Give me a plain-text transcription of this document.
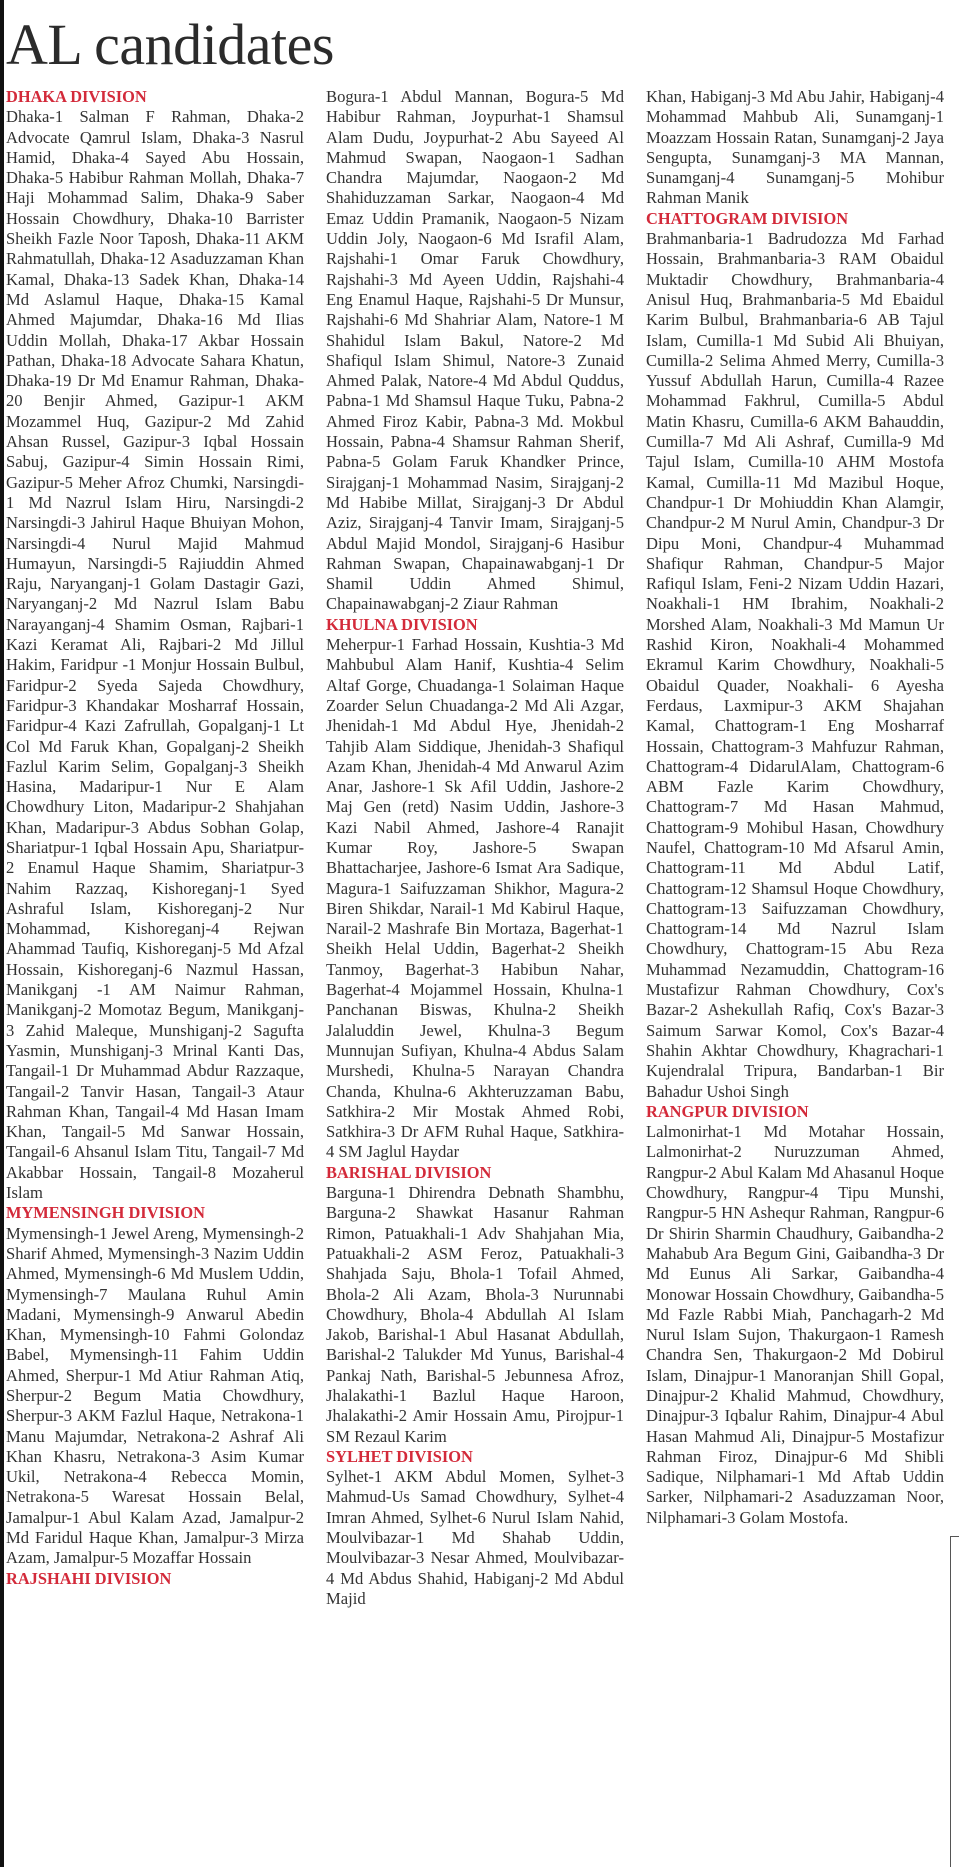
AL candidates
DHAKA DIVISION

Dhaka-1 Salman F Rahman, Dhaka-2 Advocate Qamrul Islam, Dhaka-3 Nasrul Hamid, Dhaka-4 Sayed Abu Hossain, Dhaka-5 Habibur Rahman Mollah, Dhaka-7 Haji Mohammad Salim, Dhaka-9 Saber Hossain Chowdhury, Dhaka-10 Barrister Sheikh Fazle Noor Taposh, Dhaka-11 AKM Rahmatullah, Dhaka-12 Asaduzzaman Khan Kamal, Dhaka-13 Sadek Khan, Dhaka-14 Md Aslamul Haque, Dhaka-15 Kamal Ahmed Majumdar, Dhaka-16 Md Ilias Uddin Mollah, Dhaka-17 Akbar Hossain Pathan, Dhaka-18 Advocate Sahara Khatun, Dhaka-19 Dr Md Enamur Rahman, Dhaka-20 Benjir Ahmed, Gazipur-1 AKM Mozammel Huq, Gazipur-2 Md Zahid Ahsan Russel, Gazipur-3 Iqbal Hossain Sabuj, Gazipur-4 Simin Hossain Rimi, Gazipur-5 Meher Afroz Chumki, Narsingdi-1 Md Nazrul Islam Hiru, Narsingdi-2 Narsingdi-3 Jahirul Haque Bhuiyan Mohon, Narsingdi-4 Nurul Majid Mahmud Humayun, Narsingdi-5 Rajiuddin Ahmed Raju, Naryanganj-1 Golam Dastagir Gazi, Naryanganj-2 Md Nazrul Islam Babu Narayanganj-4 Shamim Osman, Rajbari-1 Kazi Keramat Ali, Rajbari-2 Md Jillul Hakim, Faridpur -1 Monjur Hossain Bulbul, Faridpur-2 Syeda Sajeda Chowdhury, Faridpur-3 Khandakar Mosharraf Hossain, Faridpur-4 Kazi Zafrullah, Gopalganj-1 Lt Col Md Faruk Khan, Gopalganj-2 Sheikh Fazlul Karim Selim, Gopalganj-3 Sheikh Hasina, Madaripur-1 Nur E Alam Chowdhury Liton, Madaripur-2 Shahjahan Khan, Madaripur-3 Abdus Sobhan Golap, Shariatpur-1 Iqbal Hossain Apu, Shariatpur-2 Enamul Haque Shamim, Shariatpur-3 Nahim Razzaq, Kishoreganj-1 Syed Ashraful Islam, Kishoreganj-2 Nur Mohammad, Kishoreganj-4 Rejwan Ahammad Taufiq, Kishoreganj-5 Md Afzal Hossain, Kishoreganj-6 Nazmul Hassan, Manikganj -1 AM Naimur Rahman, Manikganj-2 Momotaz Begum, Manikganj-3 Zahid Maleque, Munshiganj-2 Sagufta Yasmin, Munshiganj-3 Mrinal Kanti Das, Tangail-1 Dr Muhammad Abdur Razzaque, Tangail-2 Tanvir Hasan, Tangail-3 Ataur Rahman Khan, Tangail-4 Md Hasan Imam Khan, Tangail-5 Md Sanwar Hossain, Tangail-6 Ahsanul Islam Titu, Tangail-7 Md Akabbar Hossain, Tangail-8 Mozaherul Islam

MYMENSINGH DIVISION

Mymensingh-1 Jewel Areng, Mymensingh-2 Sharif Ahmed, Mymensingh-3 Nazim Uddin Ahmed, Mymensingh-6 Md Muslem Uddin, Mymensingh-7 Maulana Ruhul Amin Madani, Mymensingh-9 Anwarul Abedin Khan, Mymensingh-10 Fahmi Golondaz Babel, Mymensingh-11 Fahim Uddin Ahmed, Sherpur-1 Md Atiur Rahman Atiq, Sherpur-2 Begum Matia Chowdhury, Sherpur-3 AKM Fazlul Haque, Netrakona-1 Manu Majumdar, Netrakona-2 Ashraf Ali Khan Khasru, Netrakona-3 Asim Kumar Ukil, Netrakona-4 Rebecca Momin, Netrakona-5 Waresat Hossain Belal, Jamalpur-1 Abul Kalam Azad, Jamalpur-2 Md Faridul Haque Khan, Jamalpur-3 Mirza Azam, Jamalpur-5 Mozaffar Hossain

RAJSHAHI DIVISION

Bogura-1 Abdul Mannan, Bogura-5 Md Habibur Rahman, Joypurhat-1 Shamsul Alam Dudu, Joypurhat-2 Abu Sayeed Al Mahmud Swapan, Naogaon-1 Sadhan Chandra Majumdar, Naogaon-2 Md Shahiduzzaman Sarkar, Naogaon-4 Md Emaz Uddin Pramanik, Naogaon-5 Nizam Uddin Joly, Naogaon-6 Md Israfil Alam, Rajshahi-1 Omar Faruk Chowdhury, Rajshahi-3 Md Ayeen Uddin, Rajshahi-4 Eng Enamul Haque, Rajshahi-5 Dr Munsur, Rajshahi-6 Md Shahriar Alam, Natore-1 M Shahidul Islam Bakul, Natore-2 Md Shafiqul Islam Shimul, Natore-3 Zunaid Ahmed Palak, Natore-4 Md Abdul Quddus, Pabna-1 Md Shamsul Haque Tuku, Pabna-2 Ahmed Firoz Kabir, Pabna-3 Md. Mokbul Hossain, Pabna-4 Shamsur Rahman Sherif, Pabna-5 Golam Faruk Khandker Prince, Sirajganj-1 Mohammad Nasim, Sirajganj-2 Md Habibe Millat, Sirajganj-3 Dr Abdul Aziz, Sirajganj-4 Tanvir Imam, Sirajganj-5 Abdul Majid Mondol, Sirajganj-6 Hasibur Rahman Swapan, Chapainawabganj-1 Dr Shamil Uddin Ahmed Shimul, Chapainawabganj-2 Ziaur Rahman

KHULNA DIVISION

Meherpur-1 Farhad Hossain, Kushtia-3 Md Mahbubul Alam Hanif, Kushtia-4 Selim Altaf Gorge, Chuadanga-1 Solaiman Haque Zoarder Selun Chuadanga-2 Md Ali Azgar, Jhenidah-1 Md Abdul Hye, Jhenidah-2 Tahjib Alam Siddique, Jhenidah-3 Shafiqul Azam Khan, Jhenidah-4 Md Anwarul Azim Anar, Jashore-1 Sk Afil Uddin, Jashore-2 Maj Gen (retd) Nasim Uddin, Jashore-3 Kazi Nabil Ahmed, Jashore-4 Ranajit Kumar Roy, Jashore-5 Swapan Bhattacharjee, Jashore-6 Ismat Ara Sadique, Magura-1 Saifuzzaman Shikhor, Magura-2 Biren Shikdar, Narail-1 Md Kabirul Haque, Narail-2 Mashrafe Bin Mortaza, Bagerhat-1 Sheikh Helal Uddin, Bagerhat-2 Sheikh Tanmoy, Bagerhat-3 Habibun Nahar, Bagerhat-4 Mojammel Hossain, Khulna-1 Panchanan Biswas, Khulna-2 Sheikh Jalaluddin Jewel, Khulna-3 Begum Munnujan Sufiyan, Khulna-4 Abdus Salam Murshedi, Khulna-5 Narayan Chandra Chanda, Khulna-6 Akhteruzzaman Babu, Satkhira-2 Mir Mostak Ahmed Robi, Satkhira-3 Dr AFM Ruhal Haque, Satkhira-4 SM Jaglul Haydar

BARISHAL DIVISION

Barguna-1 Dhirendra Debnath Shambhu, Barguna-2 Shawkat Hasanur Rahman Rimon, Patuakhali-1 Adv Shahjahan Mia, Patuakhali-2 ASM Feroz, Patuakhali-3 Shahjada Saju, Bhola-1 Tofail Ahmed, Bhola-2 Ali Azam, Bhola-3 Nurunnabi Chowdhury, Bhola-4 Abdullah Al Islam Jakob, Barishal-1 Abul Hasanat Abdullah, Barishal-2 Talukder Md Yunus, Barishal-4 Pankaj Nath, Barishal-5 Jebunnesa Afroz, Jhalakathi-1 Bazlul Haque Haroon, Jhalakathi-2 Amir Hossain Amu, Pirojpur-1 SM Rezaul Karim

SYLHET DIVISION

Sylhet-1 AKM Abdul Momen, Sylhet-3 Mahmud-Us Samad Chowdhury, Sylhet-4 Imran Ahmed, Sylhet-6 Nurul Islam Nahid, Moulvibazar-1 Md Shahab Uddin, Moulvibazar-3 Nesar Ahmed, Moulvibazar-4 Md Abdus Shahid, Habiganj-2 Md Abdul Majid

Khan, Habiganj-3 Md Abu Jahir, Habiganj-4 Mohammad Mahbub Ali, Sunamganj-1 Moazzam Hossain Ratan, Sunamganj-2 Jaya Sengupta, Sunamganj-3 MA Mannan, Sunamganj-4 Sunamganj-5 Mohibur Rahman Manik

CHATTOGRAM DIVISION

Brahmanbaria-1 Badrudozza Md Farhad Hossain, Brahmanbaria-3 RAM Obaidul Muktadir Chowdhury, Brahmanbaria-4 Anisul Huq, Brahmanbaria-5 Md Ebaidul Karim Bulbul, Brahmanbaria-6 AB Tajul Islam, Cumilla-1 Md Subid Ali Bhuiyan, Cumilla-2 Selima Ahmed Merry, Cumilla-3 Yussuf Abdullah Harun, Cumilla-4 Razee Mohammad Fakhrul, Cumilla-5 Abdul Matin Khasru, Cumilla-6 AKM Bahauddin, Cumilla-7 Md Ali Ashraf, Cumilla-9 Md Tajul Islam, Cumilla-10 AHM Mostofa Kamal, Cumilla-11 Md Mazibul Hoque, Chandpur-1 Dr Mohiuddin Khan Alamgir, Chandpur-2 M Nurul Amin, Chandpur-3 Dr Dipu Moni, Chandpur-4 Muhammad Shafiqur Rahman, Chandpur-5 Major Rafiqul Islam, Feni-2 Nizam Uddin Hazari, Noakhali-1 HM Ibrahim, Noakhali-2 Morshed Alam, Noakhali-3 Md Mamun Ur Rashid Kiron, Noakhali-4 Mohammed Ekramul Karim Chowdhury, Noakhali-5 Obaidul Quader, Noakhali- 6 Ayesha Ferdaus, Laxmipur-3 AKM Shajahan Kamal, Chattogram-1 Eng Mosharraf Hossain, Chattogram-3 Mahfuzur Rahman, Chattogram-4 DidarulAlam, Chattogram-6 ABM Fazle Karim Chowdhury, Chattogram-7 Md Hasan Mahmud, Chattogram-9 Mohibul Hasan, Chowdhury Naufel, Chattogram-10 Md Afsarul Amin, Chattogram-11 Md Abdul Latif, Chattogram-12 Shamsul Hoque Chowdhury, Chattogram-13 Saifuzzaman Chowdhury, Chattogram-14 Md Nazrul Islam Chowdhury, Chattogram-15 Abu Reza Muhammad Nezamuddin, Chattogram-16 Mustafizur Rahman Chowdhury, Cox's Bazar-2 Ashekullah Rafiq, Cox's Bazar-3 Saimum Sarwar Komol, Cox's Bazar-4 Shahin Akhtar Chowdhury, Khagrachari-1 Kujendralal Tripura, Bandarban-1 Bir Bahadur Ushoi Singh

RANGPUR DIVISION

Lalmonirhat-1 Md Motahar Hossain, Lalmonirhat-2 Nuruzzuman Ahmed, Rangpur-2 Abul Kalam Md Ahasanul Hoque Chowdhury, Rangpur-4 Tipu Munshi, Rangpur-5 HN Ashequr Rahman, Rangpur-6 Dr Shirin Sharmin Chaudhury, Gaibandha-2 Mahabub Ara Begum Gini, Gaibandha-3 Dr Md Eunus Ali Sarkar, Gaibandha-4 Monowar Hossain Chowdhury, Gaibandha-5 Md Fazle Rabbi Miah, Panchagarh-2 Md Nurul Islam Sujon, Thakurgaon-1 Ramesh Chandra Sen, Thakurgaon-2 Md Dobirul Islam, Dinajpur-1 Manoranjan Shill Gopal, Dinajpur-2 Khalid Mahmud, Chowdhury, Dinajpur-3 Iqbalur Rahim, Dinajpur-4 Abul Hasan Mahmud Ali, Dinajpur-5 Mostafizur Rahman Firoz, Dinajpur-6 Md Shibli Sadique, Nilphamari-1 Md Aftab Uddin Sarker, Nilphamari-2 Asaduzzaman Noor, Nilphamari-3 Golam Mostofa.
